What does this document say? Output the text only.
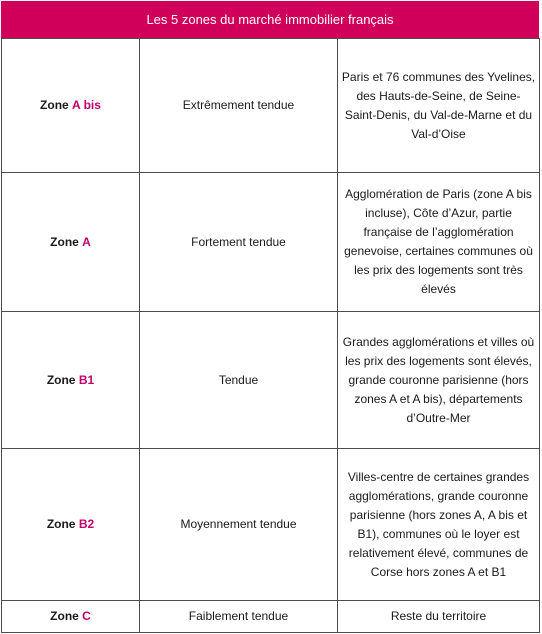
Les 5 zones du marché immobilier français
Zone A bis	Extrêmement tendue	Paris et 76 communes des Yvelines, des Hauts-de-Seine, de Seine-Saint-Denis, du Val-de-Marne et du Val-d’Oise
Zone A	Fortement tendue	Agglomération de Paris (zone A bis incluse), Côte d’Azur, partie française de l’agglomération genevoise, certaines communes où les prix des logements sont très élevés
Zone B1	Tendue	Grandes agglomérations et villes où les prix des logements sont élevés, grande couronne parisienne (hors zones A et A bis), départements d’Outre-Mer
Zone B2	Moyennement tendue	Villes-centre de certaines grandes agglomérations, grande couronne parisienne (hors zones A, A bis et B1), communes où le loyer est relativement élevé, communes de Corse hors zones A et B1
Zone C	Faiblement tendue	Reste du territoire
